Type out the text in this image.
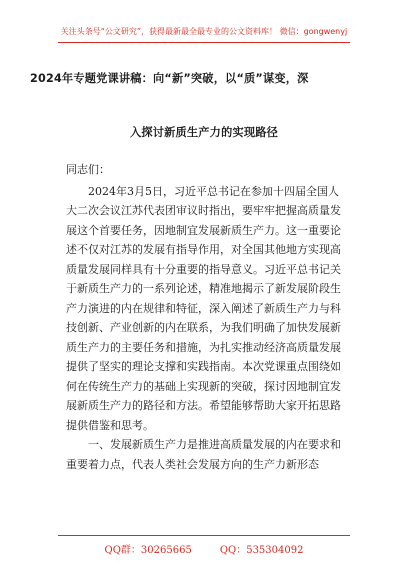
关注头条号“公文研究”，获得最新最全最专业的公文资料库！ 微信：gongwenyj
2024年专题党课讲稿：向“新”突破，以“质”谋变，深
入探讨新质生产力的实现路径

同志们：

2024年3月5日，习近平总书记在参加十四届全国人大二次会议江苏代表团审议时指出，要牢牢把握高质量发展这个首要任务，因地制宜发展新质生产力。这一重要论述不仅对江苏的发展有指导作用，对全国其他地方实现高质量发展同样具有十分重要的指导意义。习近平总书记关于新质生产力的一系列论述，精准地揭示了新发展阶段生产力演进的内在规律和特征，深入阐述了新质生产力与科技创新、产业创新的内在联系，为我们明确了加快发展新质生产力的主要任务和措施，为扎实推动经济高质量发展提供了坚实的理论支撑和实践指南。本次党课重点围绕如何在传统生产力的基础上实现新的突破，探讨因地制宜发展新质生产力的路径和方法。希望能够帮助大家开拓思路提供借鉴和思考。

一、发展新质生产力是推进高质量发展的内在要求和重要着力点，代表人类社会发展方向的生产力新形态

QQ群：30265665	QQ：535304092
